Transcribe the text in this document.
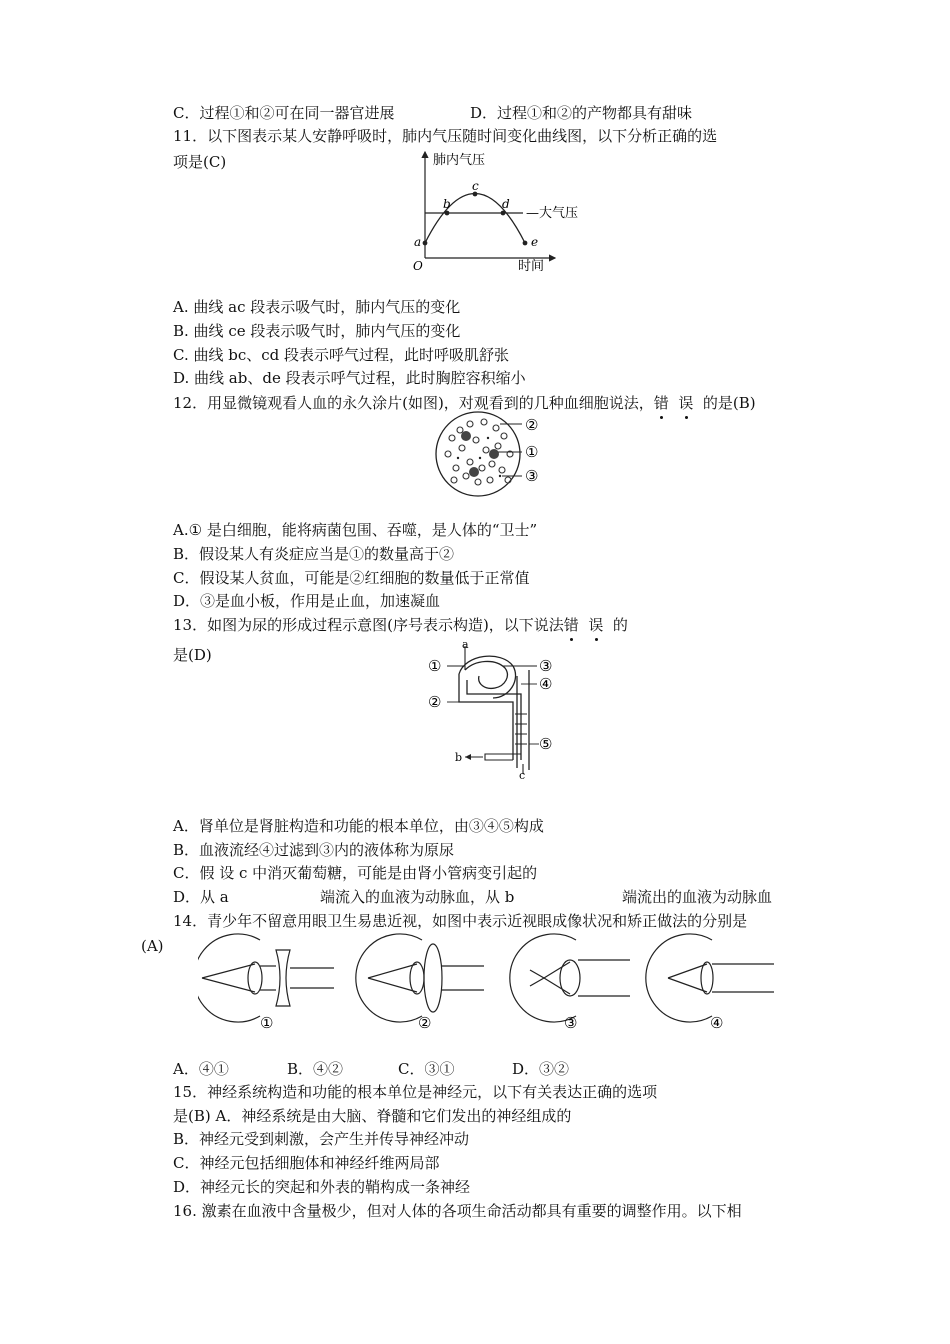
C．过程①和②可在同一器官进展	D．过程①和②的产物都具有甜味
11．以下图表示某人安静呼吸时，肺内气压随时间变化曲线图，以下分析正确的选
项是(C)	肺内气压
时间
O
—大气压
a
b
c
d
e
A. 曲线 ac 段表示吸气时，肺内气压的变化
B. 曲线 ce 段表示吸气时，肺内气压的变化
C. 曲线 bc、cd 段表示呼气过程，此时呼吸肌舒张
D. 曲线 ab、de 段表示呼气过程，此时胸腔容积缩小
12．用显微镜观看人血的永久涂片(如图)，对观看到的几种血细胞说法，错 误 的是(B)
②
①
③
A.① 是白细胞，能将病菌包围、吞噬，是人体的“卫士”
B．假设某人有炎症应当是①的数量高于②
C．假设某人贫血，可能是②红细胞的数量低于正常值
D．③是血小板，作用是止血，加速凝血
13．如图为尿的形成过程示意图(序号表示构造)，以下说法错 误 的
是(D)
a
b
c
①
②
③
④
⑤
A．肾单位是肾脏构造和功能的根本单位，由③④⑤构成
B．血液流经④过滤到③内的液体称为原尿
C．假 设 c 中消灭葡萄糖，可能是由肾小管病变引起的
D．从 a	端流入的血液为动脉血，从 b	端流出的血液为动脉血
14．青少年不留意用眼卫生易患近视，如图中表示近视眼成像状况和矫正做法的分别是
(A)
①	②	③	④
A．④①	B．④②	C．③①	D．③②
15．神经系统构造和功能的根本单位是神经元，以下有关表达正确的选项
是(B) A．神经系统是由大脑、脊髓和它们发出的神经组成的
B．神经元受到刺激，会产生并传导神经冲动
C．神经元包括细胞体和神经纤维两局部
D．神经元长的突起和外表的鞘构成一条神经
16. 激素在血液中含量极少，但对人体的各项生命活动都具有重要的调整作用。以下相
